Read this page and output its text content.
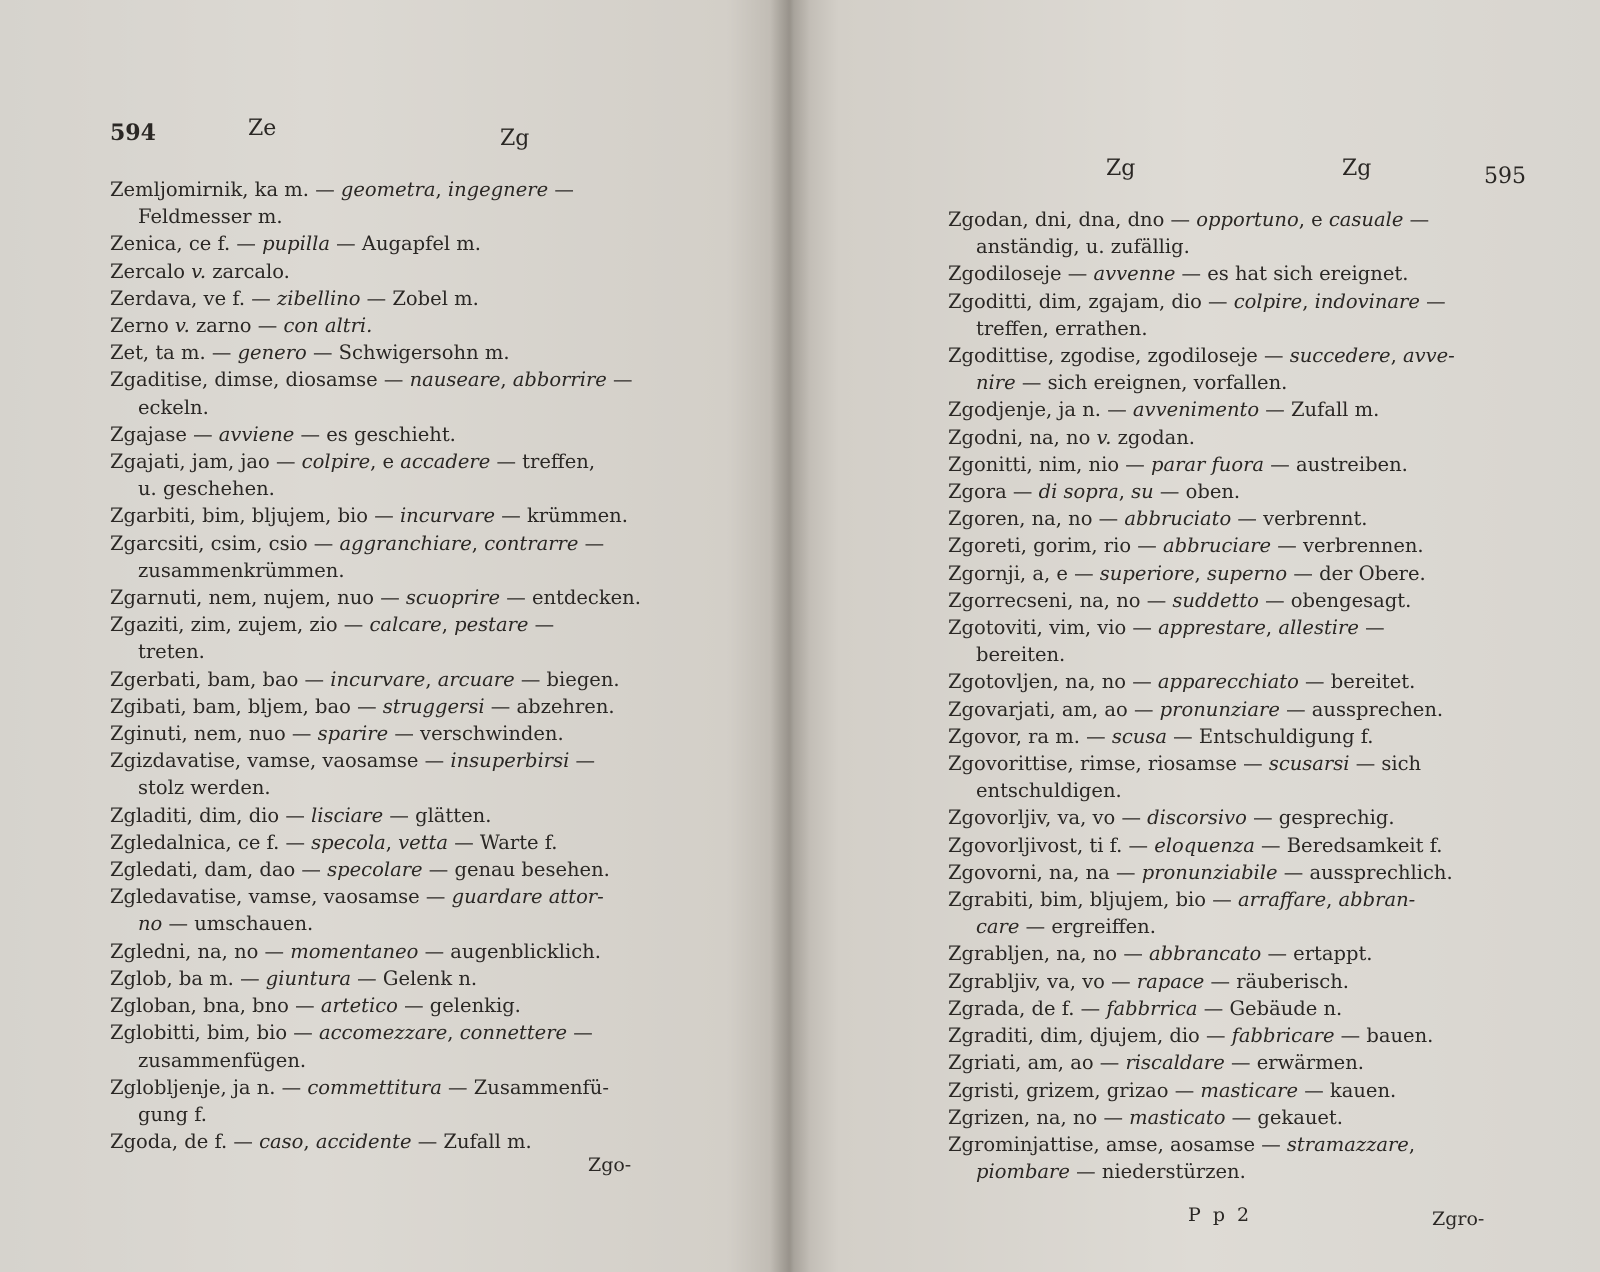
594	Ze	Zg
Zemljomirnik, ka m. — geometra, ingegnere —
Feldmesser m.
Zenica, ce f. — pupilla — Augapfel m.
Zercalo v. zarcalo.
Zerdava, ve f. — zibellino — Zobel m.
Zerno v. zarno — con altri.
Zet, ta m. — genero — Schwigersohn m.
Zgaditise, dimse, diosamse — nauseare, abborrire —
eckeln.
Zgajase — avviene — es geschieht.
Zgajati, jam, jao — colpire, e accadere — treffen,
u. geschehen.
Zgarbiti, bim, bljujem, bio — incurvare — krümmen.
Zgarcsiti, csim, csio — aggranchiare, contrarre —
zusammenkrümmen.
Zgarnuti, nem, nujem, nuo — scuoprire — entdecken.
Zgaziti, zim, zujem, zio — calcare, pestare —
treten.
Zgerbati, bam, bao — incurvare, arcuare — biegen.
Zgibati, bam, bljem, bao — struggersi — abzehren.
Zginuti, nem, nuo — sparire — verschwinden.
Zgizdavatise, vamse, vaosamse — insuperbirsi —
stolz werden.
Zgladiti, dim, dio — lisciare — glätten.
Zgledalnica, ce f. — specola, vetta — Warte f.
Zgledati, dam, dao — specolare — genau besehen.
Zgledavatise, vamse, vaosamse — guardare attor-
no — umschauen.
Zgledni, na, no — momentaneo — augenblicklich.
Zglob, ba m. — giuntura — Gelenk n.
Zgloban, bna, bno — artetico — gelenkig.
Zglobitti, bim, bio — accomezzare, connettere —
zusammenfügen.
Zglobljenje, ja n. — commettitura — Zusammenfü-
gung f.
Zgoda, de f. — caso, accidente — Zufall m.
Zgo-
Zg	Zg	595
Zgodan, dni, dna, dno — opportuno, e casuale —
anständig, u. zufällig.
Zgodiloseje — avvenne — es hat sich ereignet.
Zgoditti, dim, zgajam, dio — colpire, indovinare —
treffen, errathen.
Zgodittise, zgodise, zgodiloseje — succedere, avve-
nire — sich ereignen, vorfallen.
Zgodjenje, ja n. — avvenimento — Zufall m.
Zgodni, na, no v. zgodan.
Zgonitti, nim, nio — parar fuora — austreiben.
Zgora — di sopra, su — oben.
Zgoren, na, no — abbruciato — verbrennt.
Zgoreti, gorim, rio — abbruciare — verbrennen.
Zgornji, a, e — superiore, superno — der Obere.
Zgorrecseni, na, no — suddetto — obengesagt.
Zgotoviti, vim, vio — apprestare, allestire —
bereiten.
Zgotovljen, na, no — apparecchiato — bereitet.
Zgovarjati, am, ao — pronunziare — aussprechen.
Zgovor, ra m. — scusa — Entschuldigung f.
Zgovorittise, rimse, riosamse — scusarsi — sich
entschuldigen.
Zgovorljiv, va, vo — discorsivo — gesprechig.
Zgovorljivost, ti f. — eloquenza — Beredsamkeit f.
Zgovorni, na, na — pronunziabile — aussprechlich.
Zgrabiti, bim, bljujem, bio — arraffare, abbran-
care — ergreiffen.
Zgrabljen, na, no — abbrancato — ertappt.
Zgrabljiv, va, vo — rapace — räuberisch.
Zgrada, de f. — fabbrrica — Gebäude n.
Zgraditi, dim, djujem, dio — fabbricare — bauen.
Zgriati, am, ao — riscaldare — erwärmen.
Zgristi, grizem, grizao — masticare — kauen.
Zgrizen, na, no — masticato — gekauet.
Zgrominjattise, amse, aosamse — stramazzare,
piombare — niederstürzen.
P p 2	Zgro-
